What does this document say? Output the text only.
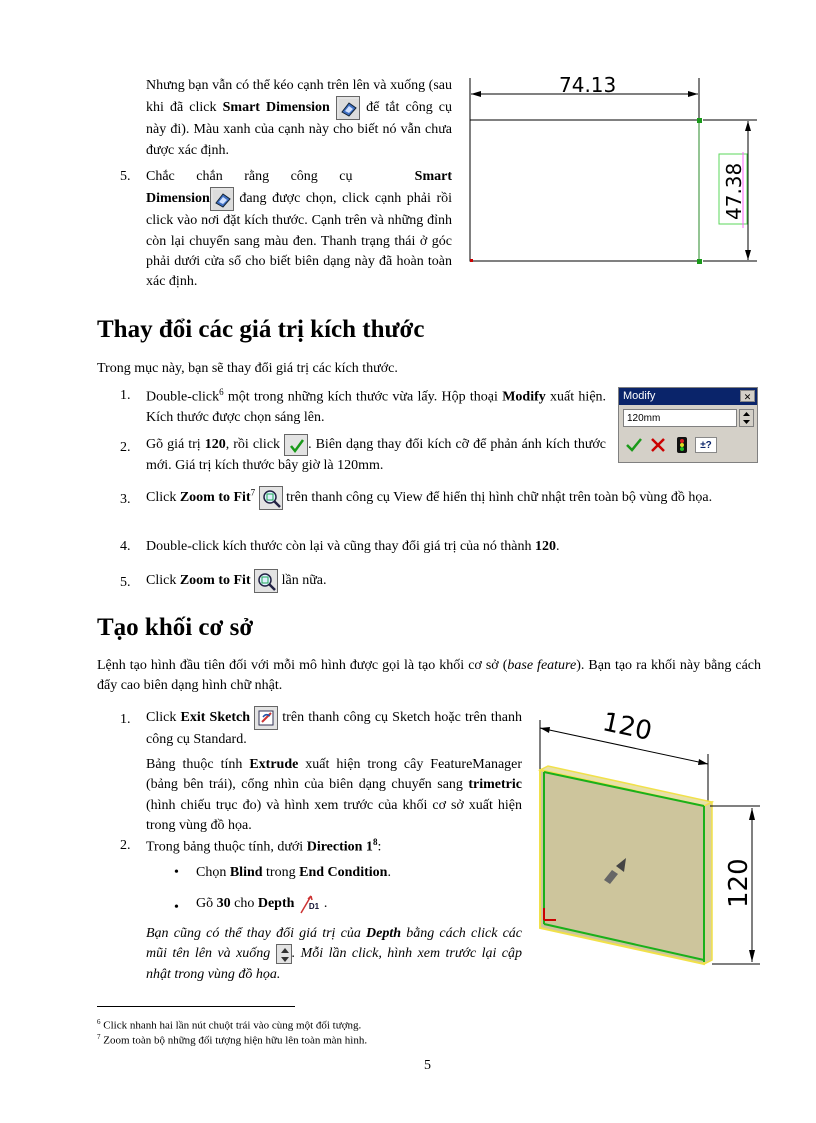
Nhưng bạn vẫn có thể kéo cạnh trên lên và xuống (sau khi đã click Smart Dimension	để tắt công cụ này đi). Màu xanh của cạnh này cho biết nó vẫn chưa được xác định.
5. Chắc chắn rằng công cụ	Smart

Dimension đang được chọn, click cạnh phải rồi click vào nơi đặt kích thước. Cạnh trên và những đỉnh còn lại chuyển sang màu đen. Thanh trạng thái ở góc phải dưới cửa sổ cho biết biên dạng này đã hoàn toàn xác định.
74.13
47.38
Thay đổi các giá trị kích thước
Trong mục này, bạn sẽ thay đổi giá trị các kích thước.
1. Double-click$^6$ một trong những kích thước vừa lấy. Hộp thoại Modify xuất hiện. Kích thước được chọn sáng lên.
2. Gõ giá trị 120, rồi click . Biên dạng thay đổi kích cỡ để phản ánh kích thước mới. Giá trị kích thước bây giờ là 120mm.
Modify	✕
120mm
±?
3. Click Zoom to Fit$^7$ trên thanh công cụ View để hiển thị hình chữ nhật trên toàn bộ vùng đồ họa.
4. Double-click kích thước còn lại và cũng thay đổi giá trị của nó thành 120.
5. Click Zoom to Fit lần nữa.
Tạo khối cơ sở
Lệnh tạo hình đầu tiên đối với mỗi mô hình được gọi là tạo khối cơ sở (base feature). Bạn tạo ra khối này bằng cách đẩy cao biên dạng hình chữ nhật.
1. Click Exit Sketch trên thanh công cụ Sketch hoặc trên thanh công cụ Standard.
Bảng thuộc tính Extrude xuất hiện trong cây FeatureManager (bảng bên trái), cổng nhìn của biên dạng chuyển sang trimetric (hình chiếu trục đo) và hình xem trước của khối cơ sở xuất hiện trong vùng đồ họa.
2. Trong bảng thuộc tính, dưới Direction $1^8$:
• Chọn Blind trong End Condition.
• Gõ 30 cho Depth D1 .
Bạn cũng có thể thay đổi giá trị của Depth bằng cách click các mũi tên lên và xuống . Mỗi lần click, hình xem trước lại cập nhật trong vùng đồ họa.
120
120
$^6$ Click nhanh hai lần nút chuột trái vào cùng một đối tượng.
$^7$ Zoom toàn bộ những đối tượng hiện hữu lên toàn màn hình.
5
